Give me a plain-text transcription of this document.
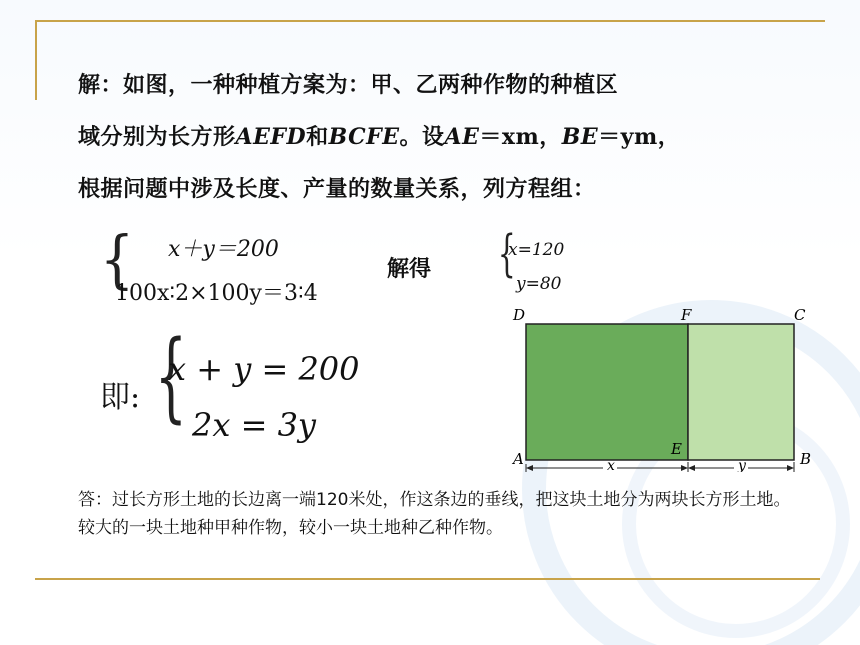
解：如图，一种种植方案为：甲、乙两种作物的种植区
域分别为长方形AEFD和BCFE。设AE＝xm，BE＝ym，
根据问题中涉及长度、产量的数量关系，列方程组：
{ x＋y＝200
100x∶2×100y＝3∶4
解得 {
x=120
y=80
即: {
x + y = 200
2x = 3y
D	F	C
A
E
B
x	y
答：过长方形土地的长边离一端120米处，作这条边的垂线，把这块土地分为两块长方形土地。较大的一块土地种甲种作物，较小一块土地种乙种作物。
